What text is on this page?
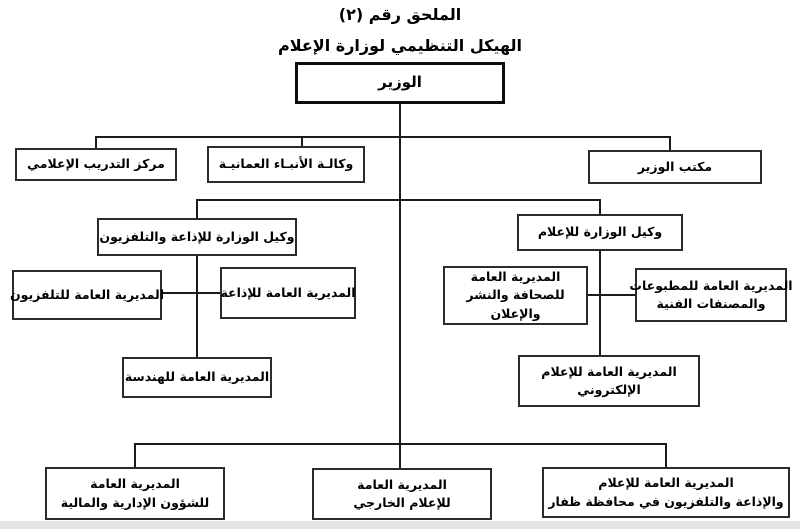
الملحق رقم (٢)
الهيكل التنظيمي لوزارة الإعلام
الوزير
مركز التدريب الإعلامي	وكالـة الأنبـاء العمانيـة	مكتب الوزير
وكيل الوزارة للإذاعة والتلفزيون	وكيل الوزارة للإعلام
المديرية العامة للتلفزيون	المديرية العامة للإذاعة
المديرية العامة للهندسة
المديرية العامة
للصحافة والنشر
والإعلان
المديرية العامة للمطبوعات
والمصنفات الفنية
المديرية العامة للإعلام
الإلكتروني
المديرية العامة
للشؤون الإدارية والمالية
المديرية العامة
للإعلام الخارجي
المديرية العامة للإعلام
والإذاعة والتلفزيون في محافظة ظفار
